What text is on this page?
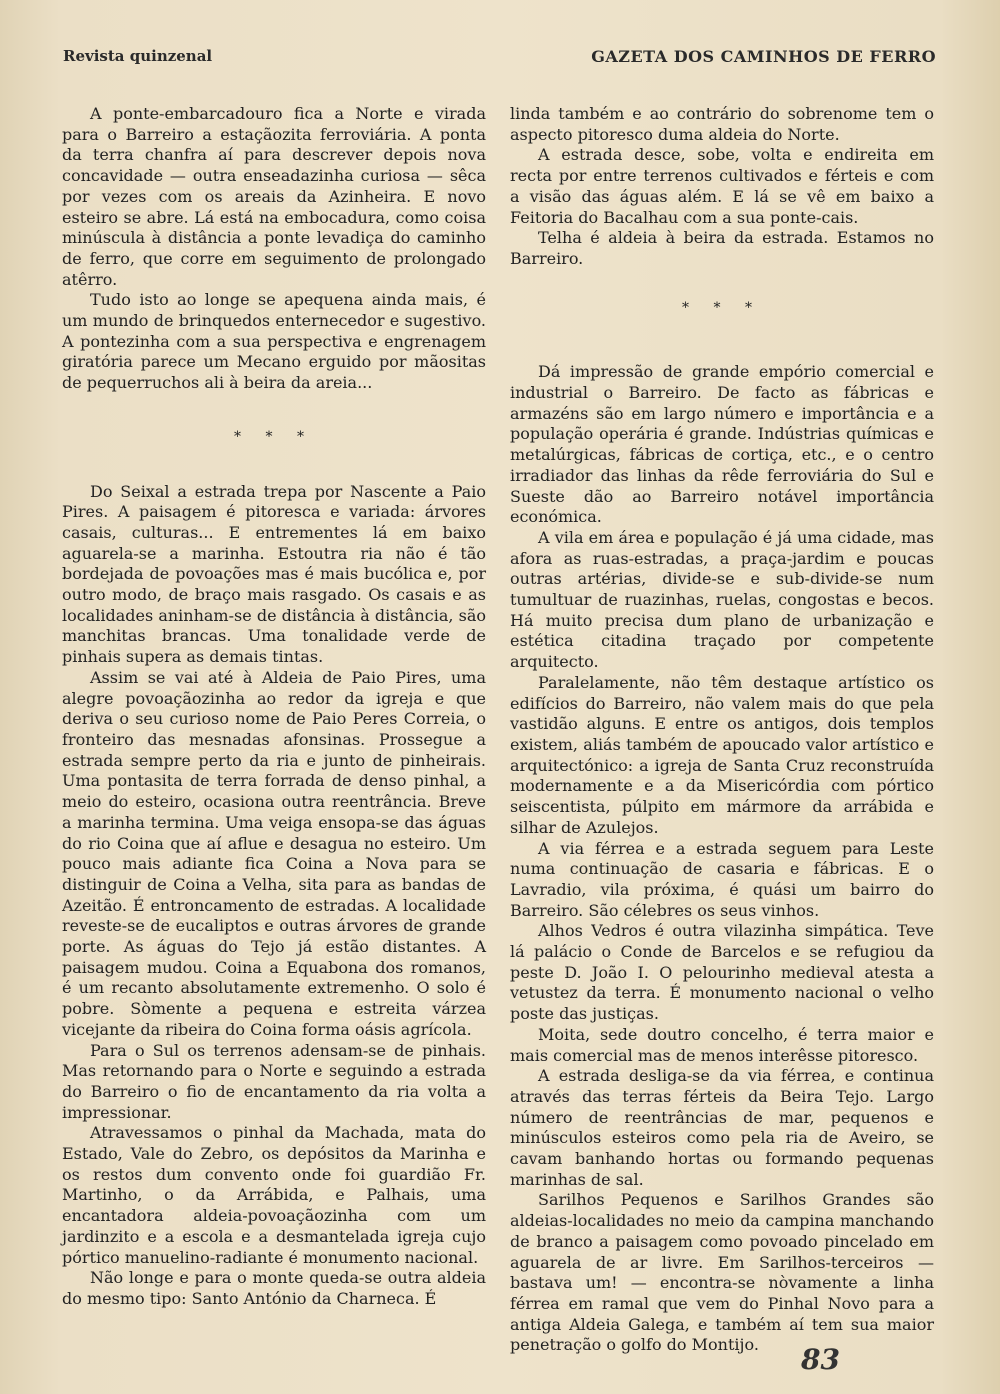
Revista quinzenal	GAZETA DOS CAMINHOS DE FERRO

A ponte-embarcadouro fica a Norte e virada para o Barreiro a estaçãozita ferroviária. A ponta da terra chanfra aí para descrever depois nova concavidade — outra enseadazinha curiosa — sêca por vezes com os areais da Azinheira. E novo esteiro se abre. Lá está na embocadura, como coisa minúscula à distância a ponte levadiça do caminho de ferro, que corre em seguimento de prolongado atêrro.

Tudo isto ao longe se apequena ainda mais, é um mundo de brinquedos enternecedor e sugestivo. A pontezinha com a sua perspectiva e engrenagem giratória parece um Mecano erguido por mãositas de pequerruchos ali à beira da areia...

* * *

Do Seixal a estrada trepa por Nascente a Paio Pires. A paisagem é pitoresca e variada: árvores casais, culturas... E entrementes lá em baixo aguarela-se a marinha. Estoutra ria não é tão bordejada de povoações mas é mais bucólica e, por outro modo, de braço mais rasgado. Os casais e as localidades aninham-se de distância à distância, são manchitas brancas. Uma tonalidade verde de pinhais supera as demais tintas.

Assim se vai até à Aldeia de Paio Pires, uma alegre povoaçãozinha ao redor da igreja e que deriva o seu curioso nome de Paio Peres Correia, o fronteiro das mesnadas afonsinas. Prossegue a estrada sempre perto da ria e junto de pinheirais. Uma pontasita de terra forrada de denso pinhal, a meio do esteiro, ocasiona outra reentrância. Breve a marinha termina. Uma veiga ensopa-se das águas do rio Coina que aí aflue e desagua no esteiro. Um pouco mais adiante fica Coina a Nova para se distinguir de Coina a Velha, sita para as bandas de Azeitão. É entroncamento de estradas. A localidade reveste-se de eucaliptos e outras árvores de grande porte. As águas do Tejo já estão distantes. A paisagem mudou. Coina a Equabona dos romanos, é um recanto absolutamente extremenho. O solo é pobre. Sòmente a pequena e estreita várzea vicejante da ribeira do Coina forma oásis agrícola.

Para o Sul os terrenos adensam-se de pinhais. Mas retornando para o Norte e seguindo a estrada do Barreiro o fio de encantamento da ria volta a impressionar.

Atravessamos o pinhal da Machada, mata do Estado, Vale do Zebro, os depósitos da Marinha e os restos dum convento onde foi guardião Fr. Martinho, o da Arrábida, e Palhais, uma encantadora aldeia-povoaçãozinha com um jardinzito e a escola e a desmantelada igreja cujo pórtico manuelino-radiante é monumento nacional.

Não longe e para o monte queda-se outra aldeia do mesmo tipo: Santo António da Charneca. É

linda também e ao contrário do sobrenome tem o aspecto pitoresco duma aldeia do Norte.

A estrada desce, sobe, volta e endireita em recta por entre terrenos cultivados e férteis e com a visão das águas além. E lá se vê em baixo a Feitoria do Bacalhau com a sua ponte-cais.

Telha é aldeia à beira da estrada. Estamos no Barreiro.

* * *

Dá impressão de grande empório comercial e industrial o Barreiro. De facto as fábricas e armazéns são em largo número e importância e a população operária é grande. Indústrias químicas e metalúrgicas, fábricas de cortiça, etc., e o centro irradiador das linhas da rêde ferroviária do Sul e Sueste dão ao Barreiro notável importância económica.

A vila em área e população é já uma cidade, mas afora as ruas-estradas, a praça-jardim e poucas outras artérias, divide-se e sub-divide-se num tumultuar de ruazinhas, ruelas, congostas e becos. Há muito precisa dum plano de urbanização e estética citadina traçado por competente arquitecto.

Paralelamente, não têm destaque artístico os edifícios do Barreiro, não valem mais do que pela vastidão alguns. E entre os antigos, dois templos existem, aliás também de apoucado valor artístico e arquitectónico: a igreja de Santa Cruz reconstruída modernamente e a da Misericórdia com pórtico seiscentista, púlpito em mármore da arrábida e silhar de Azulejos.

A via férrea e a estrada seguem para Leste numa continuação de casaria e fábricas. E o Lavradio, vila próxima, é quási um bairro do Barreiro. São célebres os seus vinhos.

Alhos Vedros é outra vilazinha simpática. Teve lá palácio o Conde de Barcelos e se refugiou da peste D. João I. O pelourinho medieval atesta a vetustez da terra. É monumento nacional o velho poste das justiças.

Moita, sede doutro concelho, é terra maior e mais comercial mas de menos interêsse pitoresco.

A estrada desliga-se da via férrea, e continua através das terras férteis da Beira Tejo. Largo número de reentrâncias de mar, pequenos e minúsculos esteiros como pela ria de Aveiro, se cavam banhando hortas ou formando pequenas marinhas de sal.

Sarilhos Pequenos e Sarilhos Grandes são aldeias-localidades no meio da campina manchando de branco a paisagem como povoado pincelado em aguarela de ar livre. Em Sarilhos-terceiros — bastava um! — encontra-se nòvamente a linha férrea em ramal que vem do Pinhal Novo para a antiga Aldeia Galega, e também aí tem sua maior penetração o golfo do Montijo.	83
